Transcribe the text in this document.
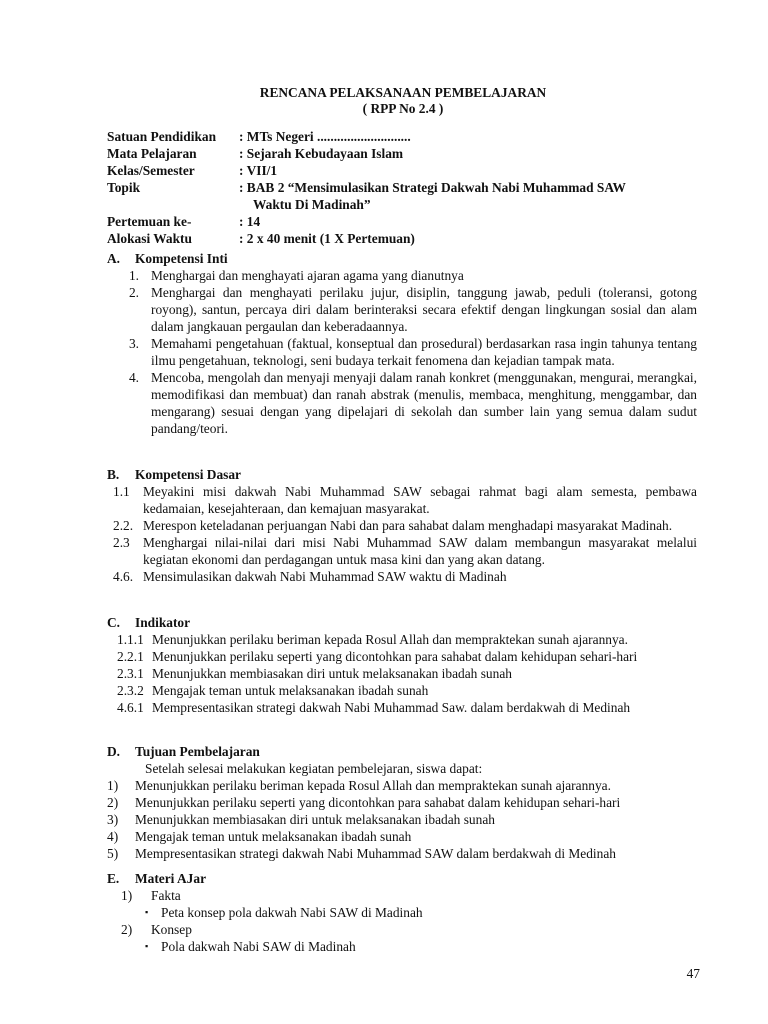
RENCANA PELAKSANAAN PEMBELAJARAN
( RPP No 2.4 )
Satuan Pendidikan	: MTs Negeri ............................
Mata Pelajaran	: Sejarah Kebudayaan Islam
Kelas/Semester	: VII/1
Topik	: BAB 2 “Mensimulasikan Strategi Dakwah Nabi Muhammad SAW
Waktu Di Madinah”
Pertemuan ke-	: 14
Alokasi Waktu	: 2 x 40 menit (1 X Pertemuan)
A.	Kompetensi Inti
1. Menghargai dan menghayati ajaran agama yang dianutnya
2. Menghargai dan menghayati perilaku jujur, disiplin, tanggung jawab, peduli (toleransi, gotong royong), santun, percaya diri dalam berinteraksi secara efektif dengan lingkungan sosial dan alam dalam jangkauan pergaulan dan keberadaannya.
3. Memahami pengetahuan (faktual, konseptual dan prosedural) berdasarkan rasa ingin tahunya tentang ilmu pengetahuan, teknologi, seni budaya terkait fenomena dan kejadian tampak mata.
4. Mencoba, mengolah dan menyaji menyaji dalam ranah konkret (menggunakan, mengurai, merangkai, memodifikasi dan membuat) dan ranah abstrak (menulis, membaca, menghitung, menggambar, dan mengarang) sesuai dengan yang dipelajari di sekolah dan sumber lain yang semua dalam sudut pandang/teori.
B.	Kompetensi Dasar
1.1 Meyakini misi dakwah Nabi Muhammad SAW sebagai rahmat bagi alam semesta, pembawa kedamaian, kesejahteraan, dan kemajuan masyarakat.
2.2. Merespon keteladanan perjuangan Nabi dan para sahabat dalam menghadapi masyarakat Madinah.
2.3 Menghargai nilai-nilai dari misi Nabi Muhammad SAW dalam membangun masyarakat melalui kegiatan ekonomi dan perdagangan untuk masa kini dan yang akan datang.
4.6. Mensimulasikan dakwah Nabi Muhammad SAW waktu di Madinah
C.	Indikator
1.1.1 Menunjukkan perilaku beriman kepada Rosul Allah dan mempraktekan sunah ajarannya.
2.2.1 Menunjukkan perilaku seperti yang dicontohkan para sahabat dalam kehidupan sehari-hari
2.3.1 Menunjukkan membiasakan diri untuk melaksanakan ibadah sunah
2.3.2 Mengajak teman untuk melaksanakan ibadah sunah
4.6.1 Mempresentasikan strategi dakwah Nabi Muhammad Saw. dalam berdakwah di Medinah
D.	Tujuan Pembelajaran
Setelah selesai melakukan kegiatan pembelejaran, siswa dapat:
1)	Menunjukkan perilaku beriman kepada Rosul Allah dan mempraktekan sunah ajarannya.
2)	Menunjukkan perilaku seperti yang dicontohkan para sahabat dalam kehidupan sehari-hari
3)	Menunjukkan membiasakan diri untuk melaksanakan ibadah sunah
4)	Mengajak teman untuk melaksanakan ibadah sunah
5)	Mempresentasikan strategi dakwah Nabi Muhammad SAW dalam berdakwah di Medinah
E.	Materi AJar
1)	Fakta
▪ Peta konsep pola dakwah Nabi SAW di Madinah
2)	Konsep
▪ Pola dakwah Nabi SAW di Madinah
47
